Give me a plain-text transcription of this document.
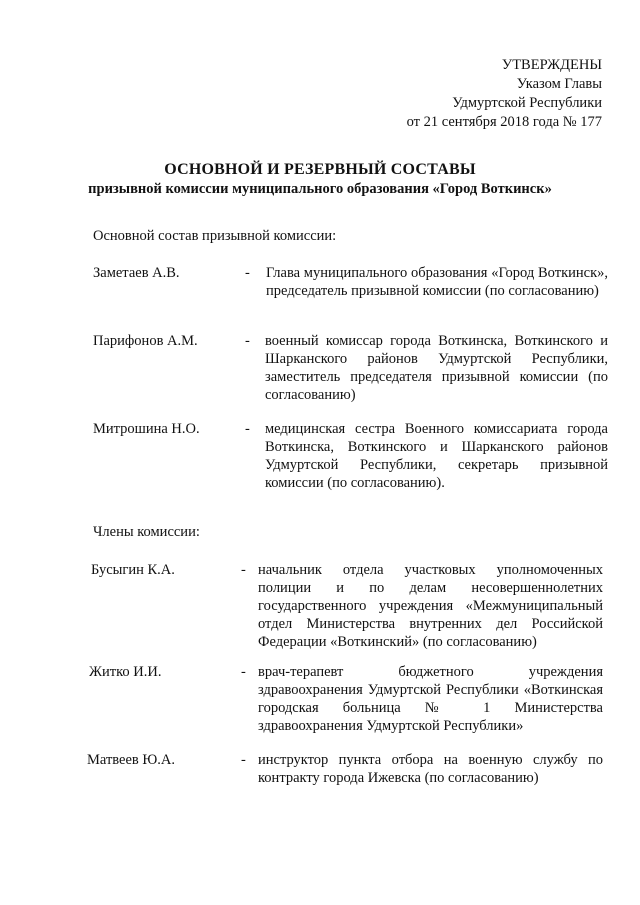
УТВЕРЖДЕНЫ
Указом Главы
Удмуртской Республики
от 21 сентября 2018 года № 177
ОСНОВНОЙ И РЕЗЕРВНЫЙ СОСТАВЫ
призывной комиссии муниципального образования «Город Воткинск»
Основной состав призывной комиссии:
Заметаев А.В.	- Глава муниципального образования «Город Воткинск», председатель призывной комиссии (по согласованию)
Парифонов А.М.	- военный комиссар города Воткинска, Воткинского и Шарканского районов Удмуртской Республики, заместитель председателя призывной комиссии (по согласованию)
Митрошина Н.О.	- медицинская сестра Военного комиссариата города Воткинска, Воткинского и Шарканского районов Удмуртской Республики, секретарь призывной комиссии (по согласованию).
Члены комиссии:
Бусыгин К.А.	- начальник отдела участковых уполномоченных полиции и по делам несовершеннолетних государственного учреждения «Межмуниципальный отдел Министерства внутренних дел Российской Федерации «Воткинский» (по согласованию)
Житко И.И.	- врач-терапевт бюджетного учреждения здравоохранения Удмуртской Республики «Воткинская городская больница № 1 Министерства здравоохранения Удмуртской Республики»
Матвеев Ю.А.	- инструктор пункта отбора на военную службу по контракту города Ижевска (по согласованию)
